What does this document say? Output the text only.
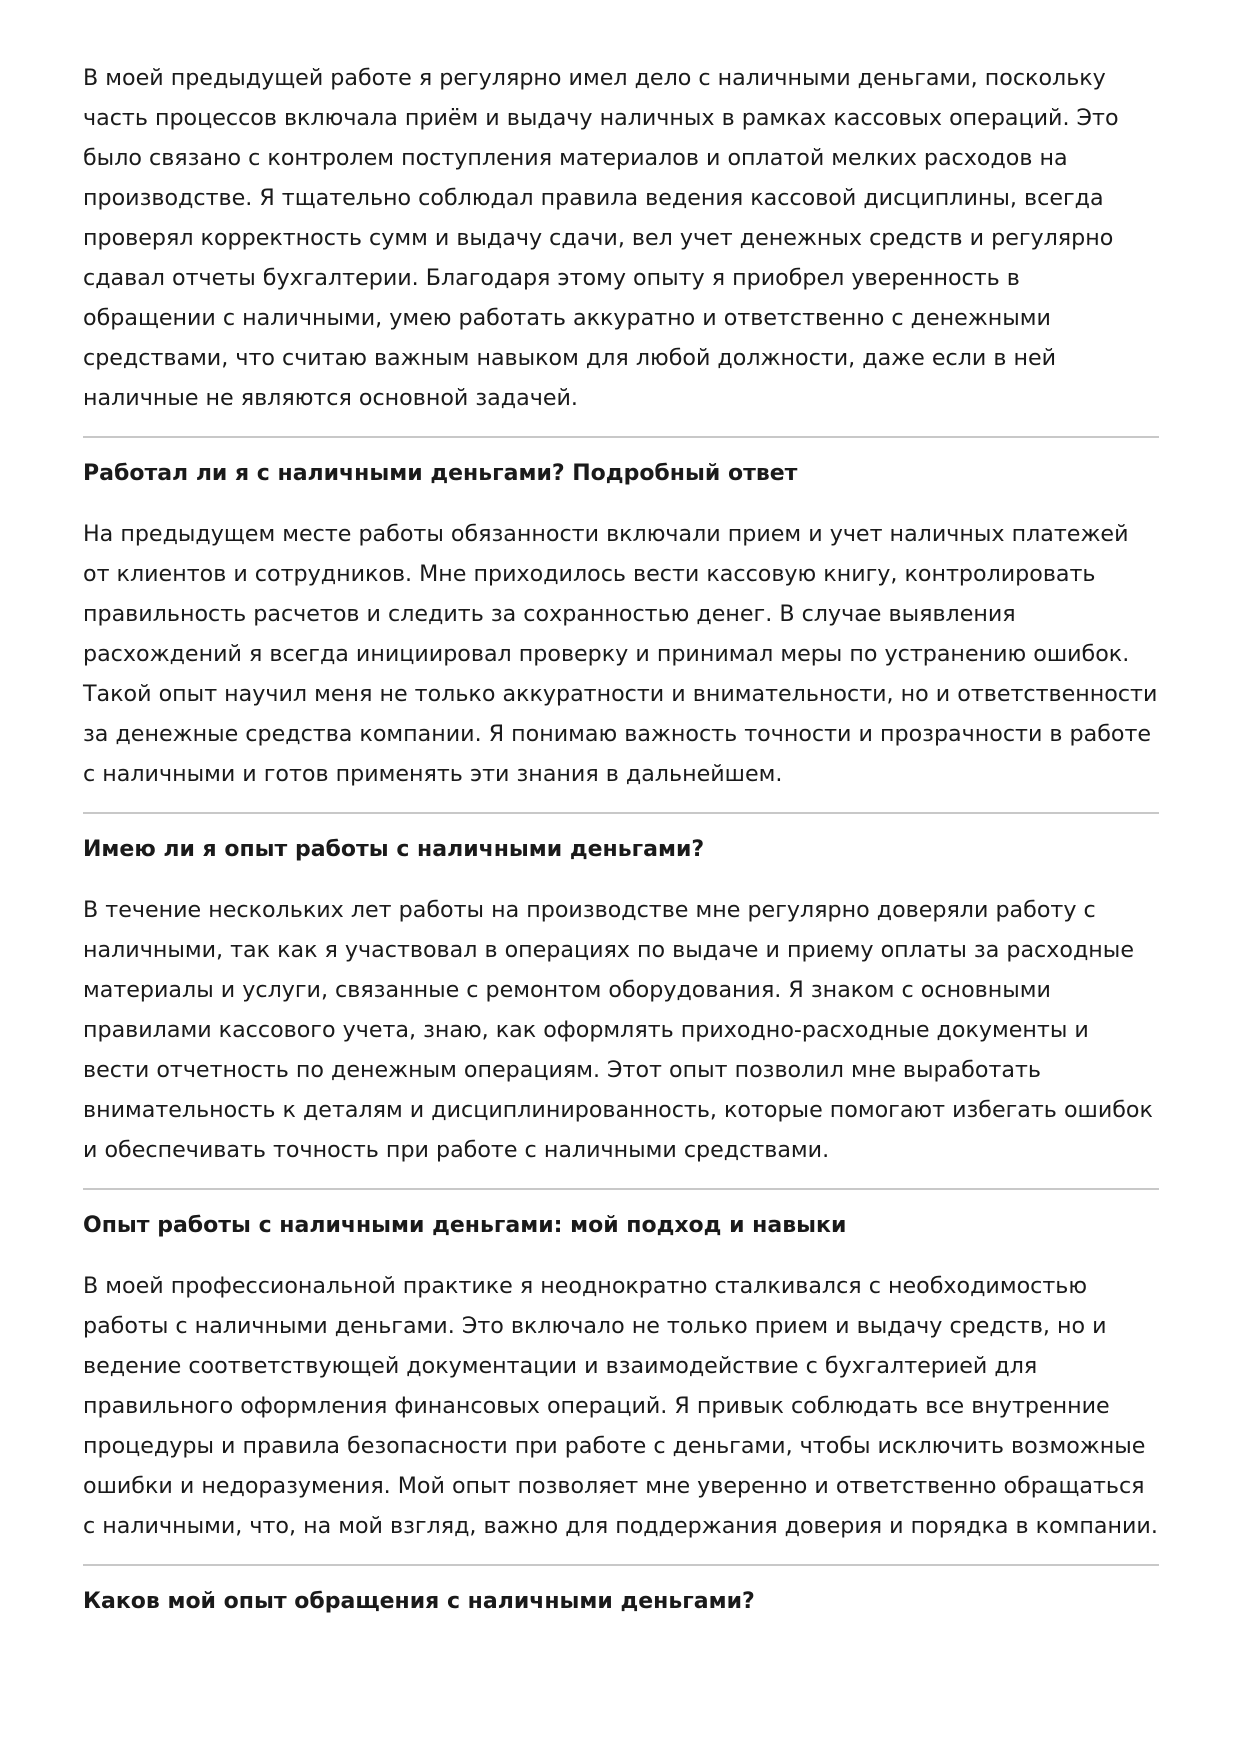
В моей предыдущей работе я регулярно имел дело с наличными деньгами, поскольку часть процессов включала приём и выдачу наличных в рамках кассовых операций. Это было связано с контролем поступления материалов и оплатой мелких расходов на производстве. Я тщательно соблюдал правила ведения кассовой дисциплины, всегда проверял корректность сумм и выдачу сдачи, вел учет денежных средств и регулярно сдавал отчеты бухгалтерии. Благодаря этому опыту я приобрел уверенность в обращении с наличными, умею работать аккуратно и ответственно с денежными средствами, что считаю важным навыком для любой должности, даже если в ней наличные не являются основной задачей.

Работал ли я с наличными деньгами? Подробный ответ

На предыдущем месте работы обязанности включали прием и учет наличных платежей от клиентов и сотрудников. Мне приходилось вести кассовую книгу, контролировать правильность расчетов и следить за сохранностью денег. В случае выявления расхождений я всегда инициировал проверку и принимал меры по устранению ошибок. Такой опыт научил меня не только аккуратности и внимательности, но и ответственности за денежные средства компании. Я понимаю важность точности и прозрачности в работе с наличными и готов применять эти знания в дальнейшем.

Имею ли я опыт работы с наличными деньгами?

В течение нескольких лет работы на производстве мне регулярно доверяли работу с наличными, так как я участвовал в операциях по выдаче и приему оплаты за расходные материалы и услуги, связанные с ремонтом оборудования. Я знаком с основными правилами кассового учета, знаю, как оформлять приходно-расходные документы и вести отчетность по денежным операциям. Этот опыт позволил мне выработать внимательность к деталям и дисциплинированность, которые помогают избегать ошибок и обеспечивать точность при работе с наличными средствами.

Опыт работы с наличными деньгами: мой подход и навыки

В моей профессиональной практике я неоднократно сталкивался с необходимостью работы с наличными деньгами. Это включало не только прием и выдачу средств, но и ведение соответствующей документации и взаимодействие с бухгалтерией для правильного оформления финансовых операций. Я привык соблюдать все внутренние процедуры и правила безопасности при работе с деньгами, чтобы исключить возможные ошибки и недоразумения. Мой опыт позволяет мне уверенно и ответственно обращаться с наличными, что, на мой взгляд, важно для поддержания доверия и порядка в компании.

Каков мой опыт обращения с наличными деньгами?
